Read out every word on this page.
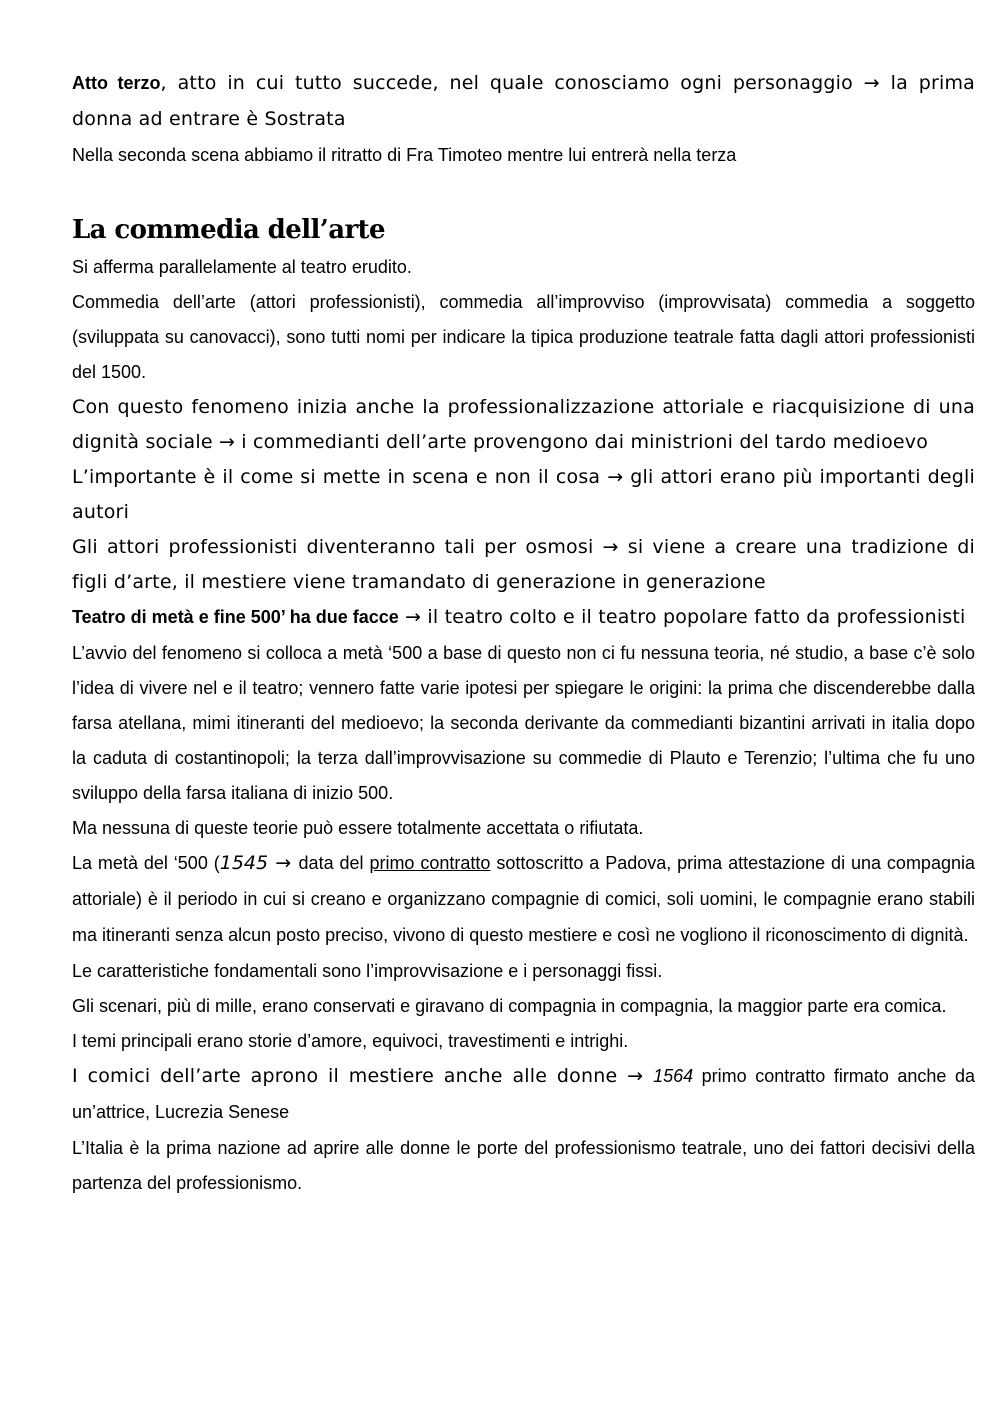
Atto terzo, atto in cui tutto succede, nel quale conosciamo ogni personaggio → la prima donna ad entrare è Sostrata

Nella seconda scena abbiamo il ritratto di Fra Timoteo mentre lui entrerà nella terza

La commedia dell’arte

Si afferma parallelamente al teatro erudito.

Commedia dell’arte (attori professionisti), commedia all’improvviso (improvvisata) commedia a soggetto (sviluppata su canovacci), sono tutti nomi per indicare la tipica produzione teatrale fatta dagli attori professionisti del 1500.

Con questo fenomeno inizia anche la professionalizzazione attoriale e riacquisizione di una dignità sociale → i commedianti dell’arte provengono dai ministrioni del tardo medioevo

L’importante è il come si mette in scena e non il cosa → gli attori erano più importanti degli autori

Gli attori professionisti diventeranno tali per osmosi → si viene a creare una tradizione di figli d’arte, il mestiere viene tramandato di generazione in generazione

Teatro di metà e fine 500’ ha due facce → il teatro colto e il teatro popolare fatto da professionisti

L’avvio del fenomeno si colloca a metà ‘500 a base di questo non ci fu nessuna teoria, né studio, a base c’è solo l’idea di vivere nel e il teatro; vennero fatte varie ipotesi per spiegare le origini: la prima che discenderebbe dalla farsa atellana, mimi itineranti del medioevo; la seconda derivante da commedianti bizantini arrivati in italia dopo la caduta di costantinopoli; la terza dall’improvvisazione su commedie di Plauto e Terenzio; l’ultima che fu uno sviluppo della farsa italiana di inizio 500.

Ma nessuna di queste teorie può essere totalmente accettata o rifiutata.

La metà del ‘500 (1545 → data del primo contratto sottoscritto a Padova, prima attestazione di una compagnia attoriale) è il periodo in cui si creano e organizzano compagnie di comici, soli uomini, le compagnie erano stabili ma itineranti senza alcun posto preciso, vivono di questo mestiere e così ne vogliono il riconoscimento di dignità.

Le caratteristiche fondamentali sono l’improvvisazione e i personaggi fissi.

Gli scenari, più di mille, erano conservati e giravano di compagnia in compagnia, la maggior parte era comica.

I temi principali erano storie d’amore, equivoci, travestimenti e intrighi.

I comici dell’arte aprono il mestiere anche alle donne → 1564 primo contratto firmato anche da un’attrice, Lucrezia Senese

L’Italia è la prima nazione ad aprire alle donne le porte del professionismo teatrale, uno dei fattori decisivi della partenza del professionismo.
